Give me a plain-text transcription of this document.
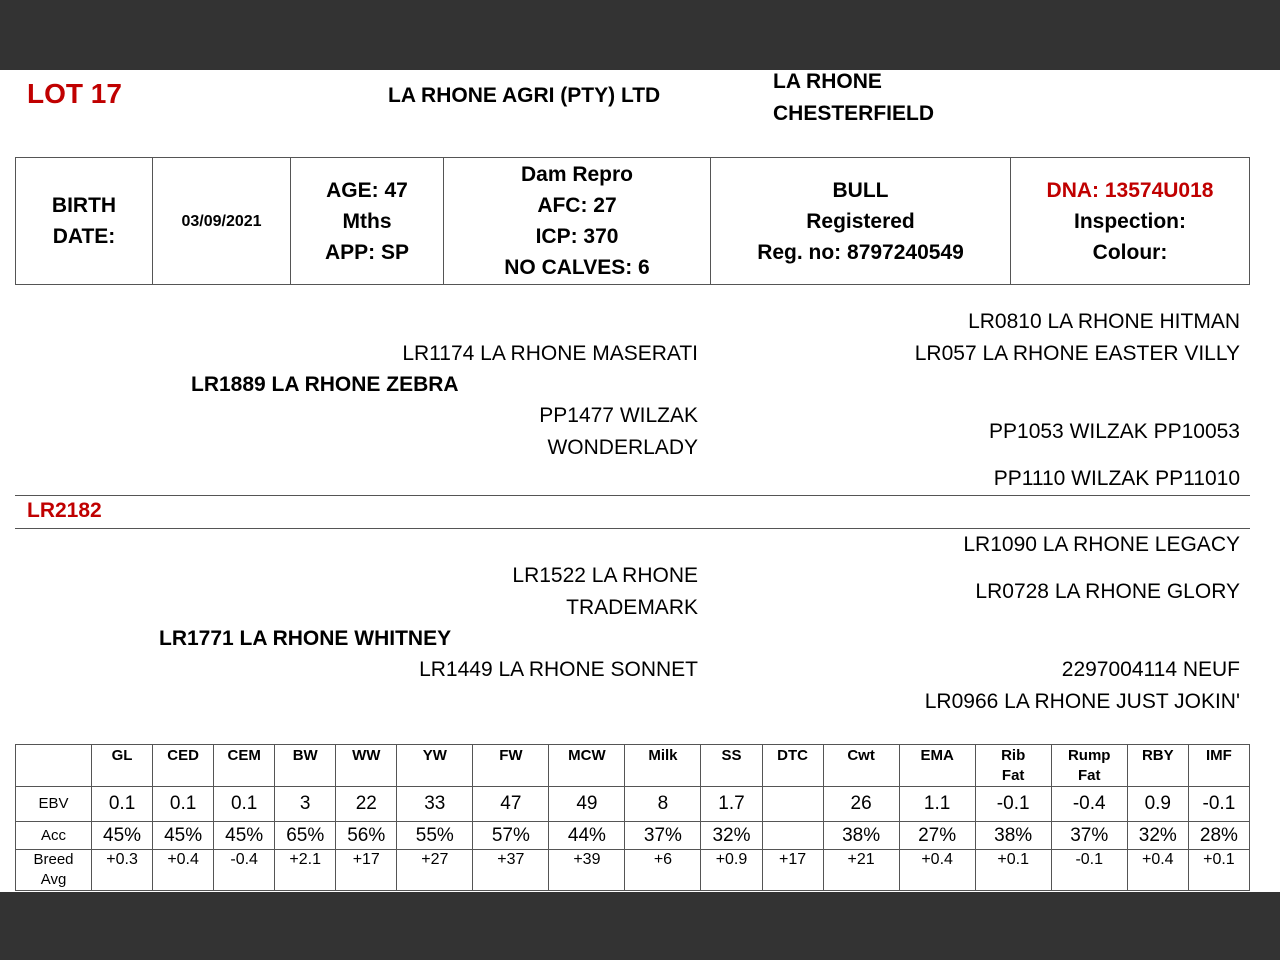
LOT 17	LA RHONE AGRI (PTY) LTD
LA RHONE
CHESTERFIELD
BIRTH
DATE:
	03/09/2021	
AGE: 47
Mths
APP: SP

Dam Repro
AFC: 27
ICP: 370
NO CALVES: 6

BULL
Registered
Reg. no: 8797240549

DNA: 13574U018
Inspection:
Colour:
LR0810 LA RHONE HITMAN
LR1174 LA RHONE MASERATI	LR057 LA RHONE EASTER VILLY
LR1889 LA RHONE ZEBRA
PP1477 WILZAK
WONDERLADY
PP1053 WILZAK PP10053
PP1110 WILZAK PP11010
LR2182
LR1090 LA RHONE LEGACY
LR1522 LA RHONE
TRADEMARK
LR0728 LA RHONE GLORY
LR1771 LA RHONE WHITNEY
LR1449 LA RHONE SONNET	2297004114 NEUF
LR0966 LA RHONE JUST JOKIN'
	GL	CED	CEM	BW	WW	YW	FW	MCW	Milk	SS	DTC	Cwt	EMA	Rib Fat	Rump Fat	RBY	IMF
EBV	0.1	0.1	0.1	3	22	33	47	49	8	1.7		26	1.1	-0.1	-0.4	0.9	-0.1
Acc	45%	45%	45%	65%	56%	55%	57%	44%	37%	32%		38%	27%	38%	37%	32%	28%
Breed Avg	+0.3	+0.4	-0.4	+2.1	+17	+27	+37	+39	+6	+0.9	+17	+21	+0.4	+0.1	-0.1	+0.4	+0.1
